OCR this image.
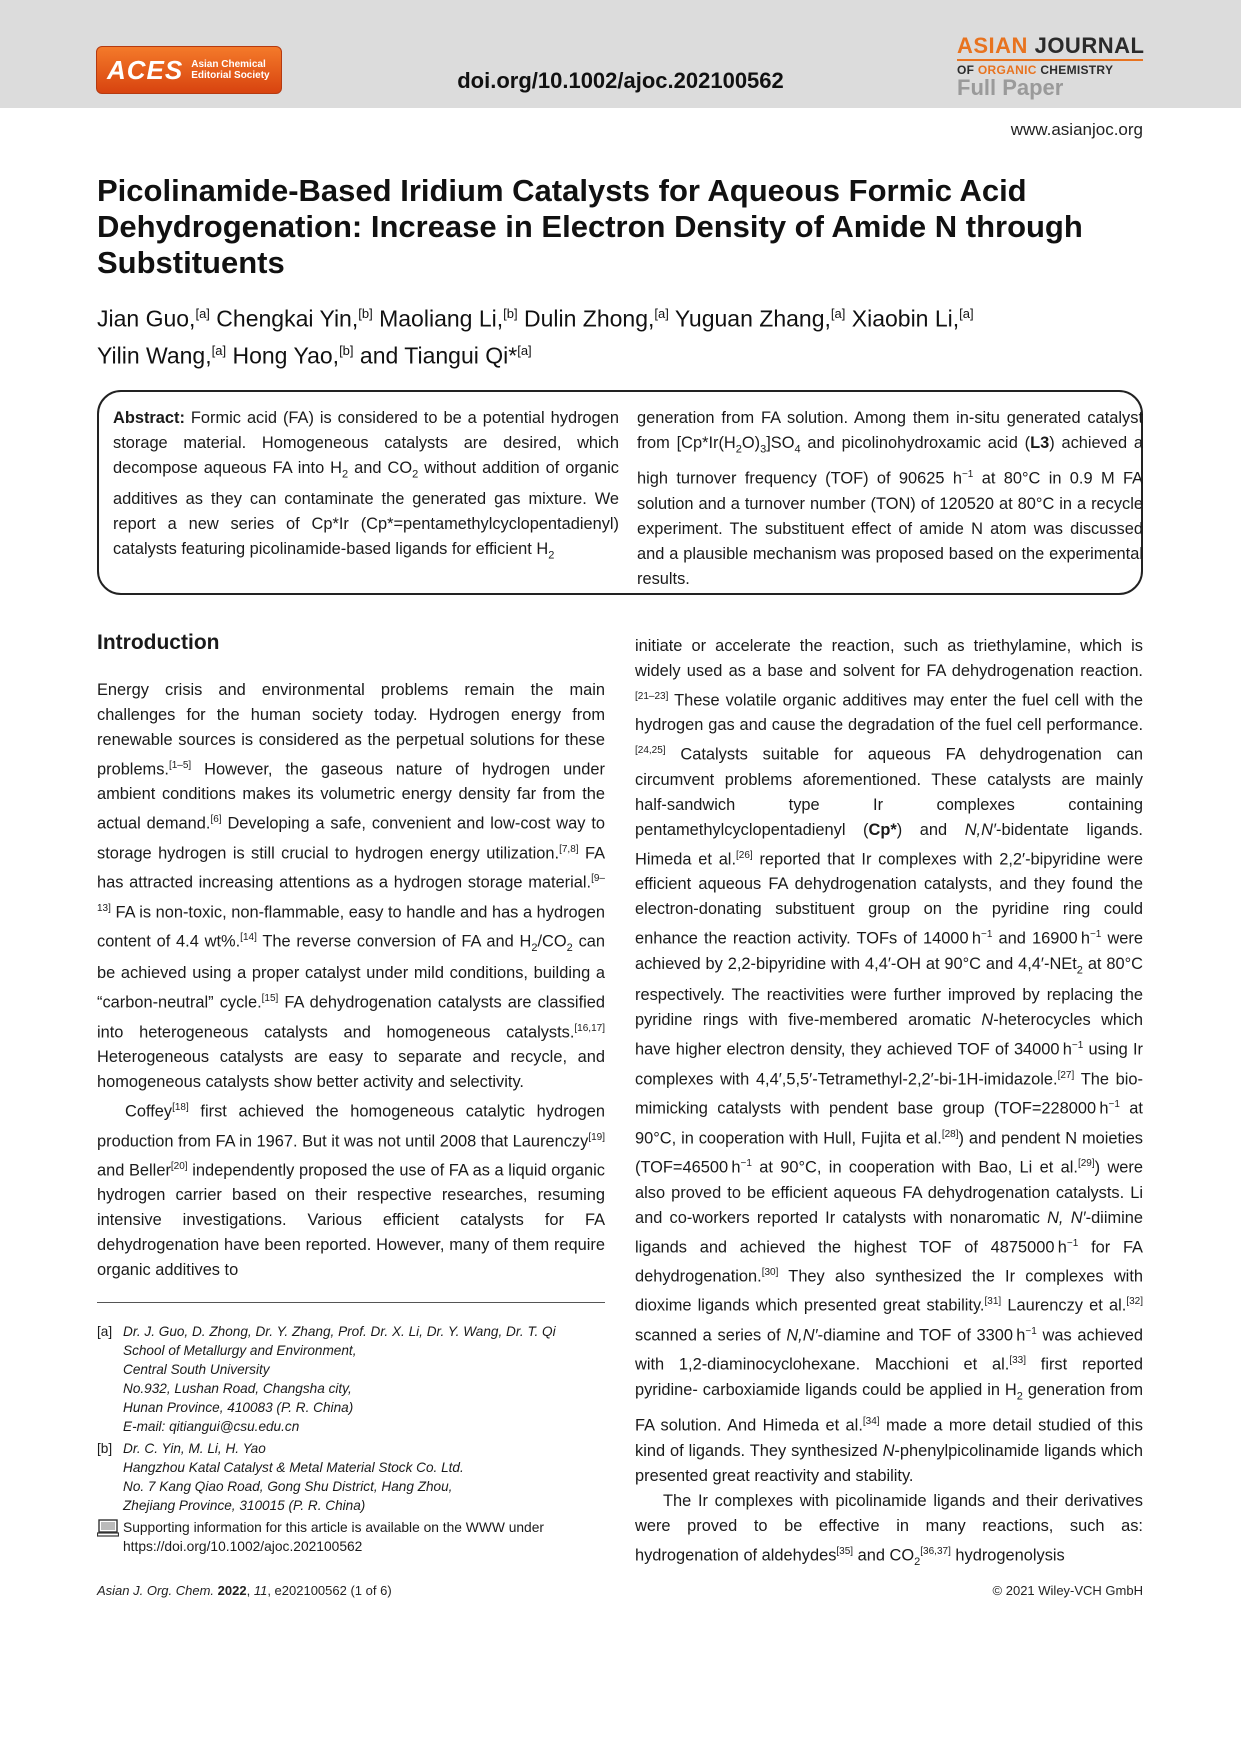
ACES Asian Chemical Editorial Society	doi.org/10.1002/ajoc.202100562
ASIAN JOURNAL
OF ORGANIC CHEMISTRY
Full Paper
www.asianjoc.org
Picolinamide-Based Iridium Catalysts for Aqueous Formic Acid Dehydrogenation: Increase in Electron Density of Amide N through Substituents
Jian Guo,[a] Chengkai Yin,[b] Maoliang Li,[b] Dulin Zhong,[a] Yuguan Zhang,[a] Xiaobin Li,[a]
Yilin Wang,[a] Hong Yao,[b] and Tiangui Qi*[a]
Abstract: Formic acid (FA) is considered to be a potential hydrogen storage material. Homogeneous catalysts are desired, which decompose aqueous FA into $H_2$ and $CO_2$ without addition of organic additives as they can contaminate the generated gas mixture. We report a new series of Cp*Ir (Cp*=pentamethylcyclopentadienyl) catalysts featuring picolinamide-based ligands for efficient $H_2$
generation from FA solution. Among them in-situ generated catalyst from $[Cp*Ir(H_2O)_3]SO_4$ and picolinohydroxamic acid (L3) achieved a high turnover frequency (TOF) of 90625 $h^{-1}$ at 80°C in 0.9 M FA solution and a turnover number (TON) of 120520 at 80°C in a recycle experiment. The substituent effect of amide N atom was discussed and a plausible mechanism was proposed based on the experimental results.
Introduction

Energy crisis and environmental problems remain the main challenges for the human society today. Hydrogen energy from renewable sources is considered as the perpetual solutions for these problems.[1–5] However, the gaseous nature of hydrogen under ambient conditions makes its volumetric energy density far from the actual demand.[6] Developing a safe, convenient and low-cost way to storage hydrogen is still crucial to hydrogen energy utilization.[7,8] FA has attracted increasing attentions as a hydrogen storage material.[9–13] FA is non-toxic, non-flammable, easy to handle and has a hydrogen content of 4.4 wt%.[14] The reverse conversion of FA and $H_2/CO_2$ can be achieved using a proper catalyst under mild conditions, building a “carbon-neutral” cycle.[15] FA dehydrogenation catalysts are classified into heterogeneous catalysts and homogeneous catalysts.[16,17] Heterogeneous catalysts are easy to separate and recycle, and homogeneous catalysts show better activity and selectivity.

Coffey[18] first achieved the homogeneous catalytic hydrogen production from FA in 1967. But it was not until 2008 that Laurenczy[19] and Beller[20] independently proposed the use of FA as a liquid organic hydrogen carrier based on their respective researches, resuming intensive investigations. Various efficient catalysts for FA dehydrogenation have been reported. However, many of them require organic additives to

initiate or accelerate the reaction, such as triethylamine, which is widely used as a base and solvent for FA dehydrogenation reaction.[21–23] These volatile organic additives may enter the fuel cell with the hydrogen gas and cause the degradation of the fuel cell performance.[24,25] Catalysts suitable for aqueous FA dehydrogenation can circumvent problems aforementioned. These catalysts are mainly half-sandwich type Ir complexes containing pentamethylcyclopentadienyl (Cp*) and N,N′-bidentate ligands. Himeda et al.[26] reported that Ir complexes with 2,2′-bipyridine were efficient aqueous FA dehydrogenation catalysts, and they found the electron-donating substituent group on the pyridine ring could enhance the reaction activity. TOFs of 14000 $h^{-1}$ and 16900 $h^{-1}$ were achieved by 2,2-bipyridine with 4,4′-OH at 90°C and 4,4′-NEt$_2$ at 80°C respectively. The reactivities were further improved by replacing the pyridine rings with five-membered aromatic N-heterocycles which have higher electron density, they achieved TOF of 34000 $h^{-1}$ using Ir complexes with 4,4′,5,5′-Tetramethyl-2,2′-bi-1H-imidazole.[27] The bio-mimicking catalysts with pendent base group (TOF=228000 $h^{-1}$ at 90°C, in cooperation with Hull, Fujita et al.[28]) and pendent N moieties (TOF=46500 $h^{-1}$ at 90°C, in cooperation with Bao, Li et al.[29]) were also proved to be efficient aqueous FA dehydrogenation catalysts. Li and co-workers reported Ir catalysts with nonaromatic N, N′-diimine ligands and achieved the highest TOF of 4875000 $h^{-1}$ for FA dehydrogenation.[30] They also synthesized the Ir complexes with dioxime ligands which presented great stability.[31] Laurenczy et al.[32] scanned a series of N,N′-diamine and TOF of 3300 $h^{-1}$ was achieved with 1,2-diaminocyclohexane. Macchioni et al.[33] first reported pyridine- carboxiamide ligands could be applied in $H_2$ generation from FA solution. And Himeda et al.[34] made a more detail studied of this kind of ligands. They synthesized N-phenylpicolinamide ligands which presented great reactivity and stability.

The Ir complexes with picolinamide ligands and their derivatives were proved to be effective in many reactions, such as: hydrogenation of aldehydes[35] and $CO_2[36,37]$ hydrogenolysis

[a] Dr. J. Guo, D. Zhong, Dr. Y. Zhang, Prof. Dr. X. Li, Dr. Y. Wang, Dr. T. Qi
School of Metallurgy and Environment,
Central South University
No.932, Lushan Road, Changsha city,
Hunan Province, 410083 (P. R. China)
E-mail: qitiangui@csu.edu.cn
[b] Dr. C. Yin, M. Li, H. Yao
Hangzhou Katal Catalyst & Metal Material Stock Co. Ltd.
No. 7 Kang Qiao Road, Gong Shu District, Hang Zhou,
Zhejiang Province, 310015 (P. R. China)
Supporting information for this article is available on the WWW under https://doi.org/10.1002/ajoc.202100562
Asian J. Org. Chem. 2022, 11, e202100562 (1 of 6)	© 2021 Wiley-VCH GmbH
